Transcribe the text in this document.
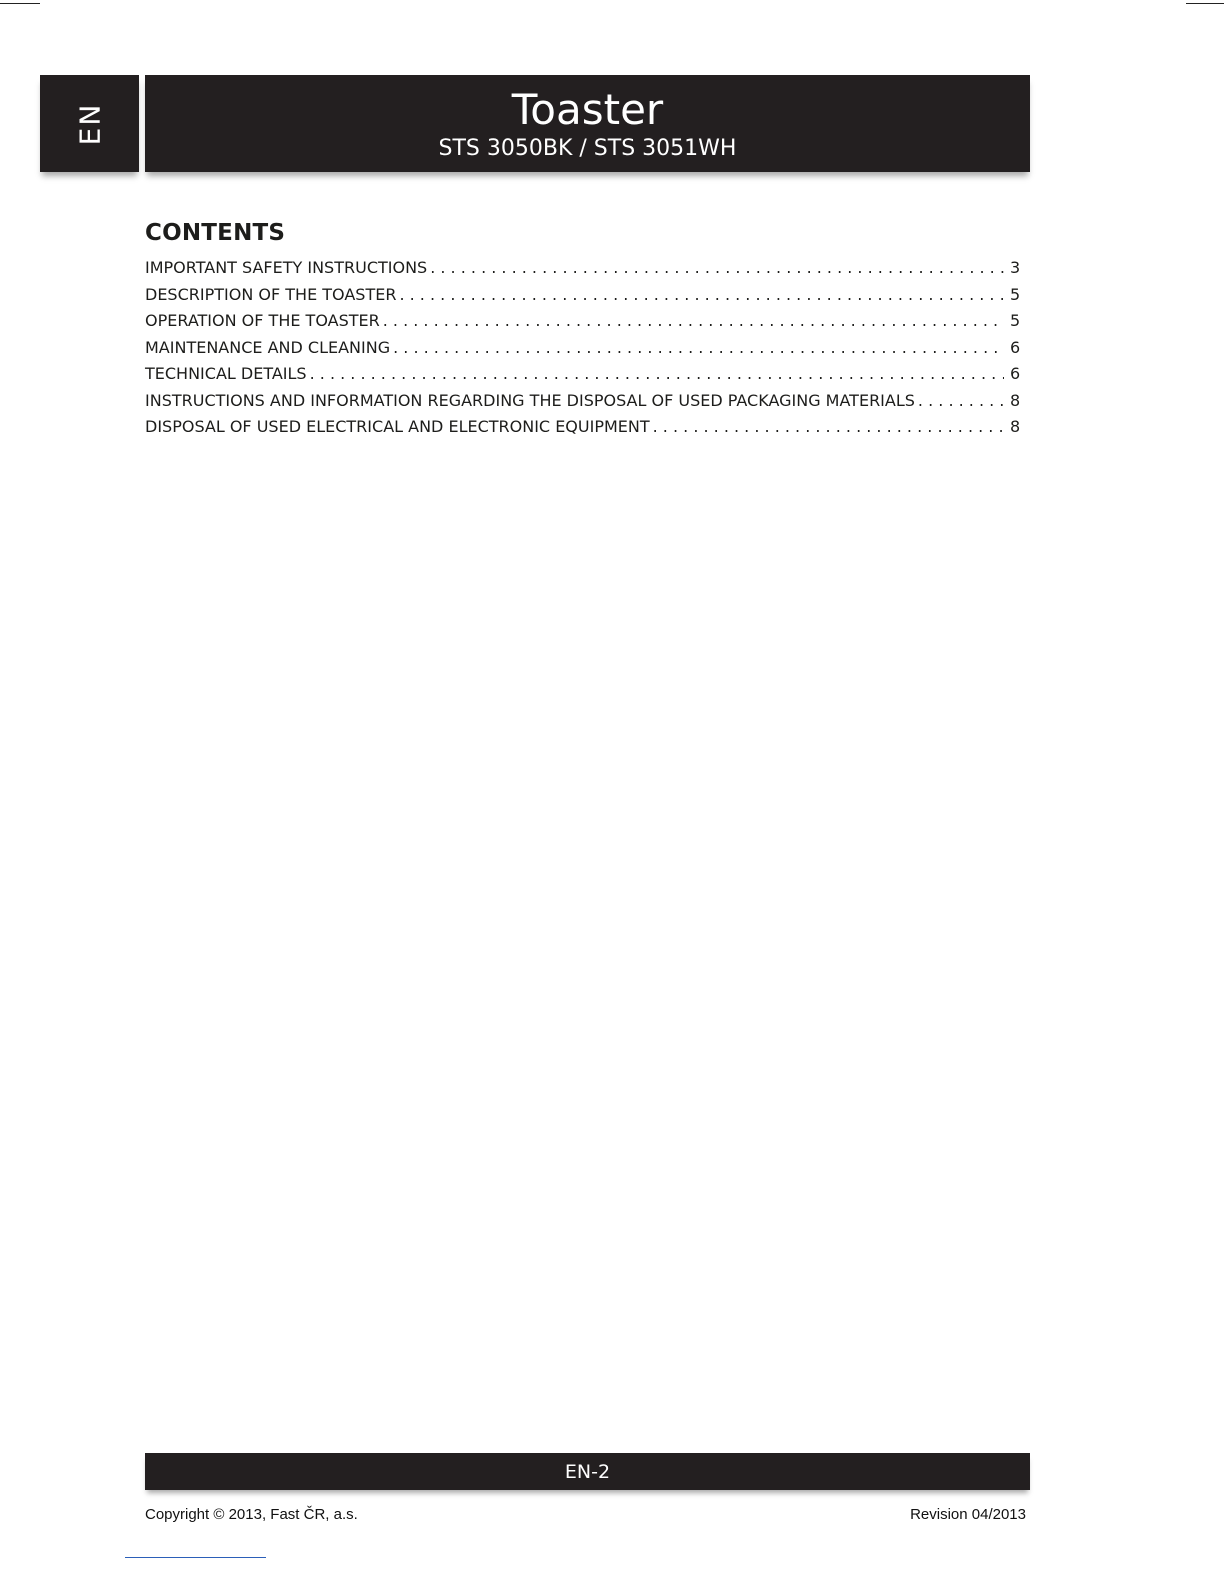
EN	Toaster
STS 3050BK / STS 3051WH
CONTENTS
IMPORTANT SAFETY INSTRUCTIONS . . .	3
DESCRIPTION OF THE TOASTER . . .	5
OPERATION OF THE TOASTER . . .	5
MAINTENANCE AND CLEANING . . .	6
TECHNICAL DETAILS . . .	6
INSTRUCTIONS AND INFORMATION REGARDING THE DISPOSAL OF USED PACKAGING MATERIALS . . .	8
DISPOSAL OF USED ELECTRICAL AND ELECTRONIC EQUIPMENT . . .	8
EN-2
Copyright © 2013, Fast ČR, a.s.	Revision 04/2013
